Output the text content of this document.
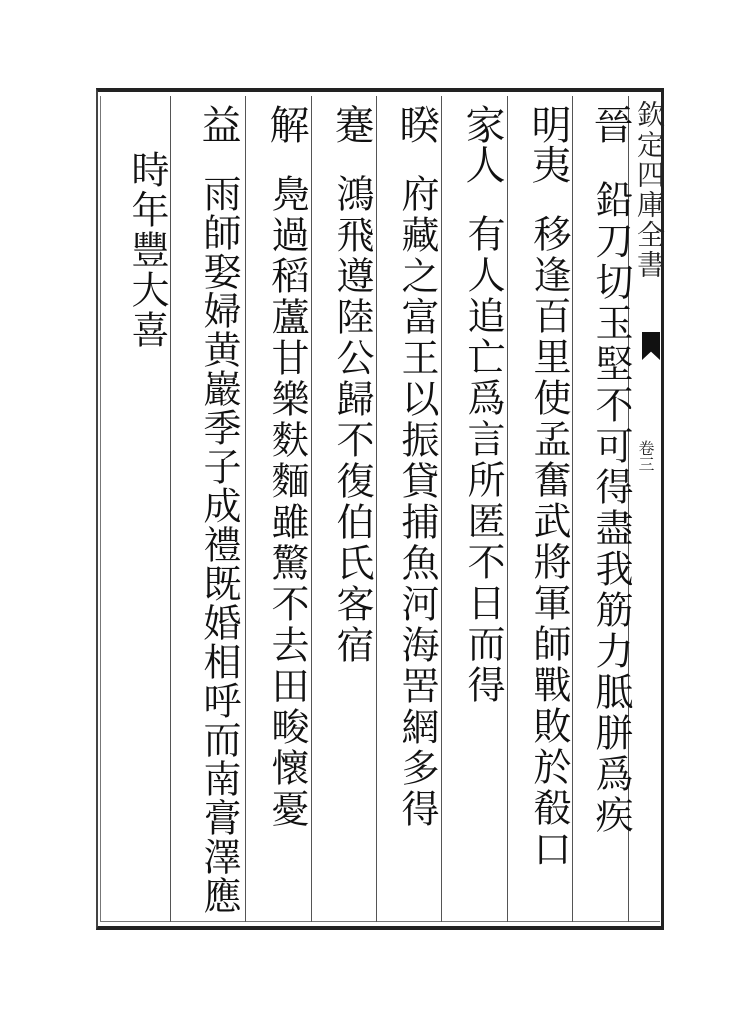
欽定四庫全書
卷三
晉
鉛刀切玉堅不可得盡我筋力胝胼爲疾
明夷
移逢百里使孟奮武將軍師戰敗於殽口
家人
有人追亡爲言所匿不日而得
睽
府藏之富王以振貸捕魚河海罟網多得
蹇
鴻飛遵陸公歸不復伯氏客宿
解
鳧過稻蘆甘樂麩麵雖驚不去田畯懷憂
益
雨師娶婦黄巖季子成禮既婚相呼而南膏澤應
時年豐大喜
